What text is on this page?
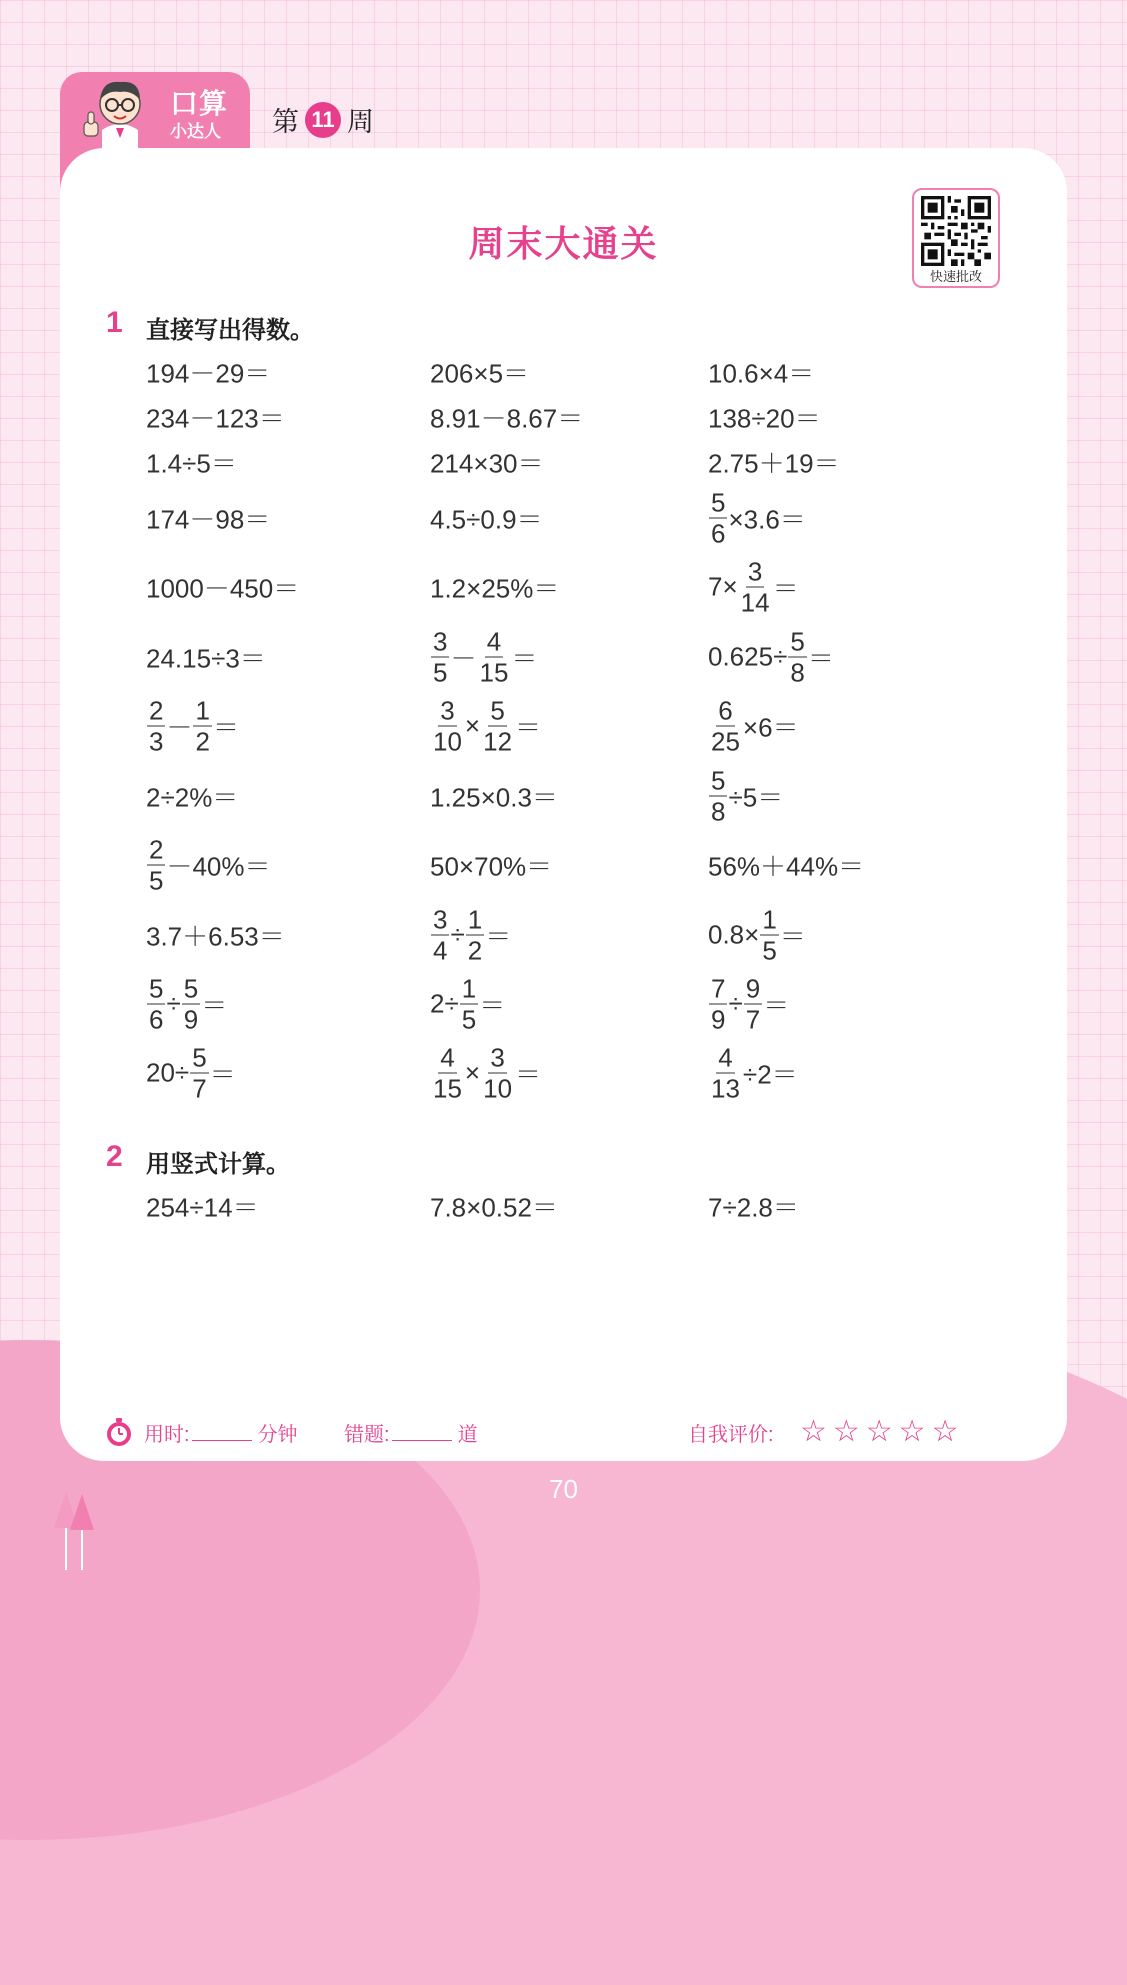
口算
小达人 第 11 周
周末大通关
快速批改
1 直接写出得数。
194－29＝	206×5＝	10.6×4＝
234－123＝	8.91－8.67＝	138÷20＝
1.4÷5＝	214×30＝	2.75＋19＝
174－98＝	4.5÷0.9＝	$\frac{5}{6} \times 3.6=$
1000－450＝	1.2×25%＝	$7\times \frac{3}{14}$ ＝
24.15÷3＝	$\frac{3}{5} - \frac{4}{15}$ ＝	$0.625\div \frac{5}{8}$ ＝
$\frac{2}{3} - \frac{1}{2}$ ＝	$\frac{3}{10} \times \frac{5}{12}$ ＝	$\frac{6}{25} \times 6=$
2÷2%＝	1.25×0.3＝	$\frac{5}{8} \div 5=$
$\frac{2}{5} -40\%=$	50×70%＝	56%＋44%＝
3.7＋6.53＝	$\frac{3}{4} \div \frac{1}{2}$ ＝	$0.8\times \frac{1}{5}$ ＝
$\frac{5}{6} \div \frac{5}{9}$ ＝	$2\div \frac{1}{5}$ ＝	$\frac{7}{9} \div \frac{9}{7}$ ＝
$20\div \frac{5}{7}$ ＝	$\frac{4}{15} \times \frac{3}{10}$ ＝	$\frac{4}{13} \div 2=$
2 用竖式计算。
254÷14＝	7.8×0.52＝	7÷2.8＝
用时:	分钟 错题:	道	自我评价: ☆☆☆☆☆
70
